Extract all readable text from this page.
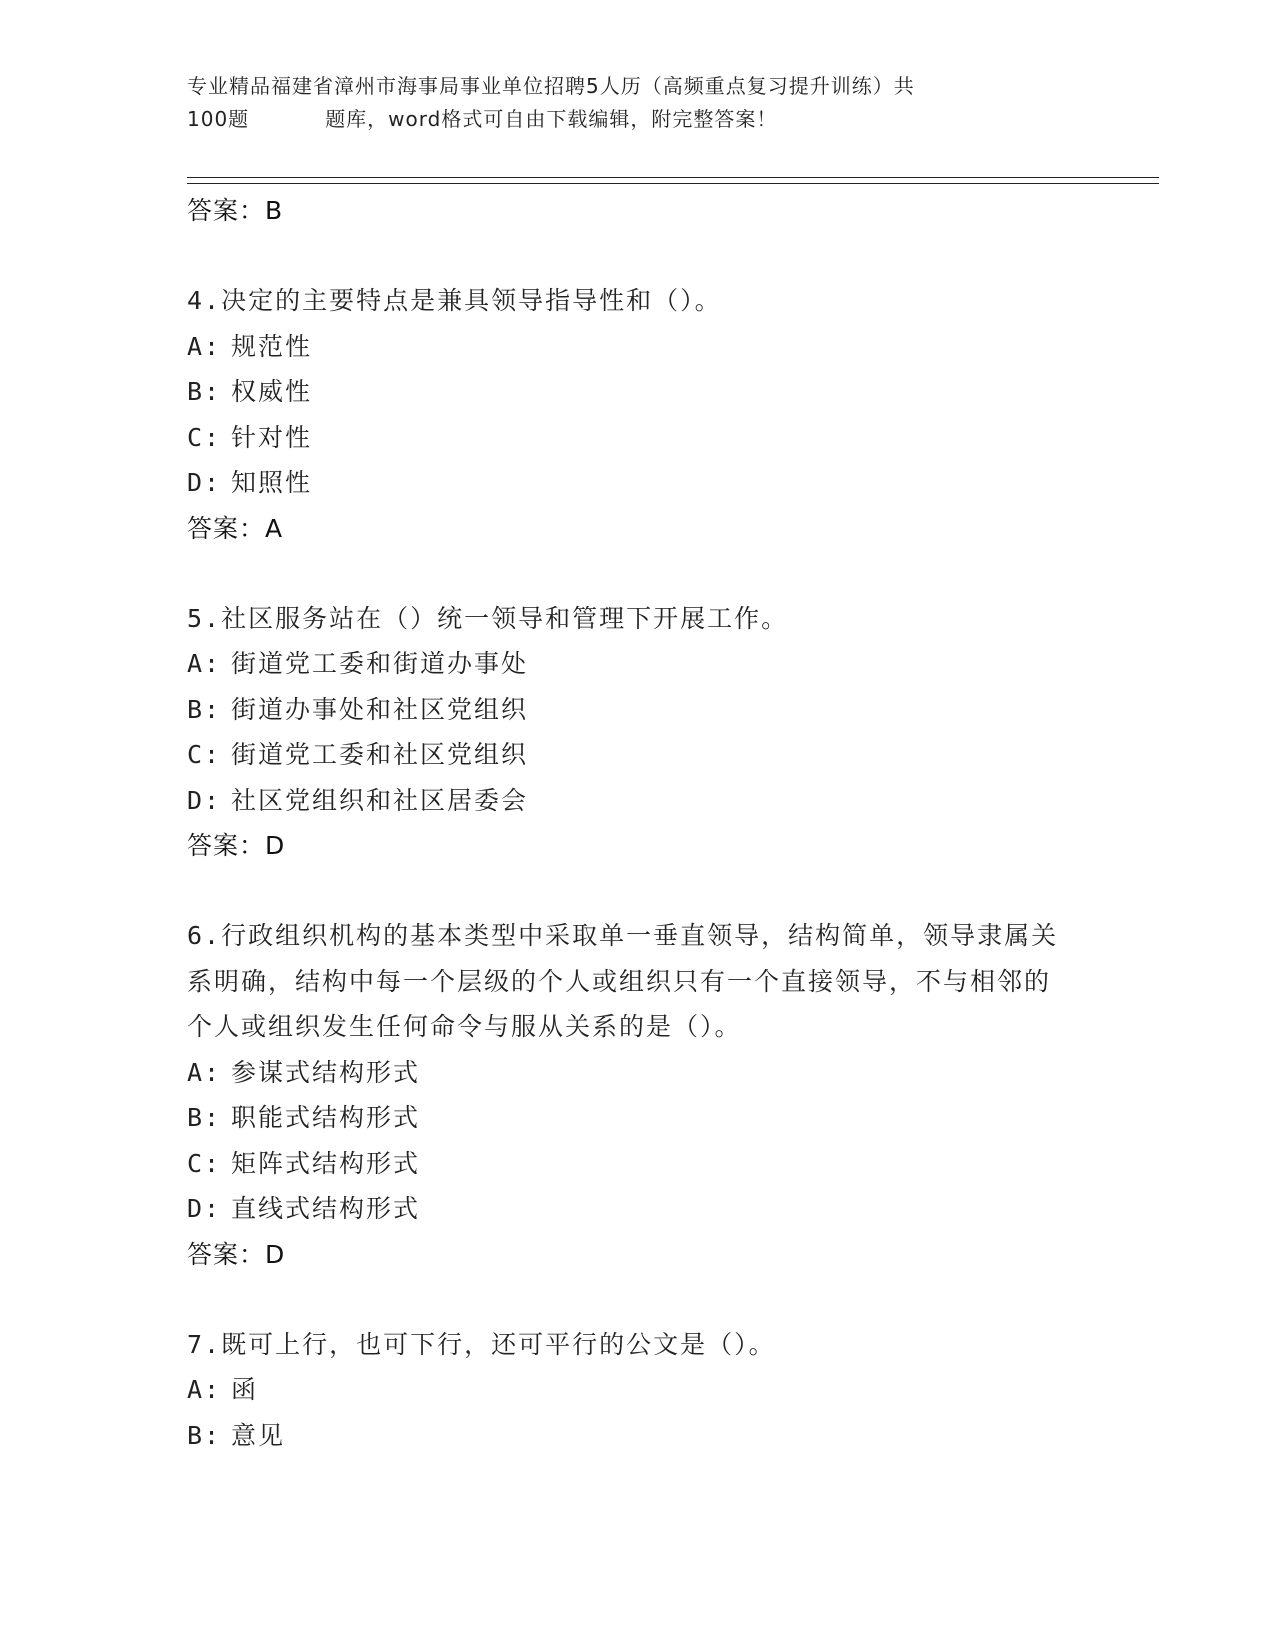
专业精品福建省漳州市海事局事业单位招聘5人历（高频重点复习提升训练）共
100题	题库，word格式可自由下载编辑，附完整答案！
答案：B
4.决定的主要特点是兼具领导指导性和（）。
A: 规范性
B: 权威性
C: 针对性
D: 知照性
答案：A
5.社区服务站在（）统一领导和管理下开展工作。
A: 街道党工委和街道办事处
B: 街道办事处和社区党组织
C: 街道党工委和社区党组织
D: 社区党组织和社区居委会
答案：D
6.行政组织机构的基本类型中采取单一垂直领导，结构简单，领导隶属关系明确，结构中每一个层级的个人或组织只有一个直接领导，不与相邻的个人或组织发生任何命令与服从关系的是（）。
A: 参谋式结构形式
B: 职能式结构形式
C: 矩阵式结构形式
D: 直线式结构形式
答案：D
7.既可上行，也可下行，还可平行的公文是（）。
A: 函
B: 意见
